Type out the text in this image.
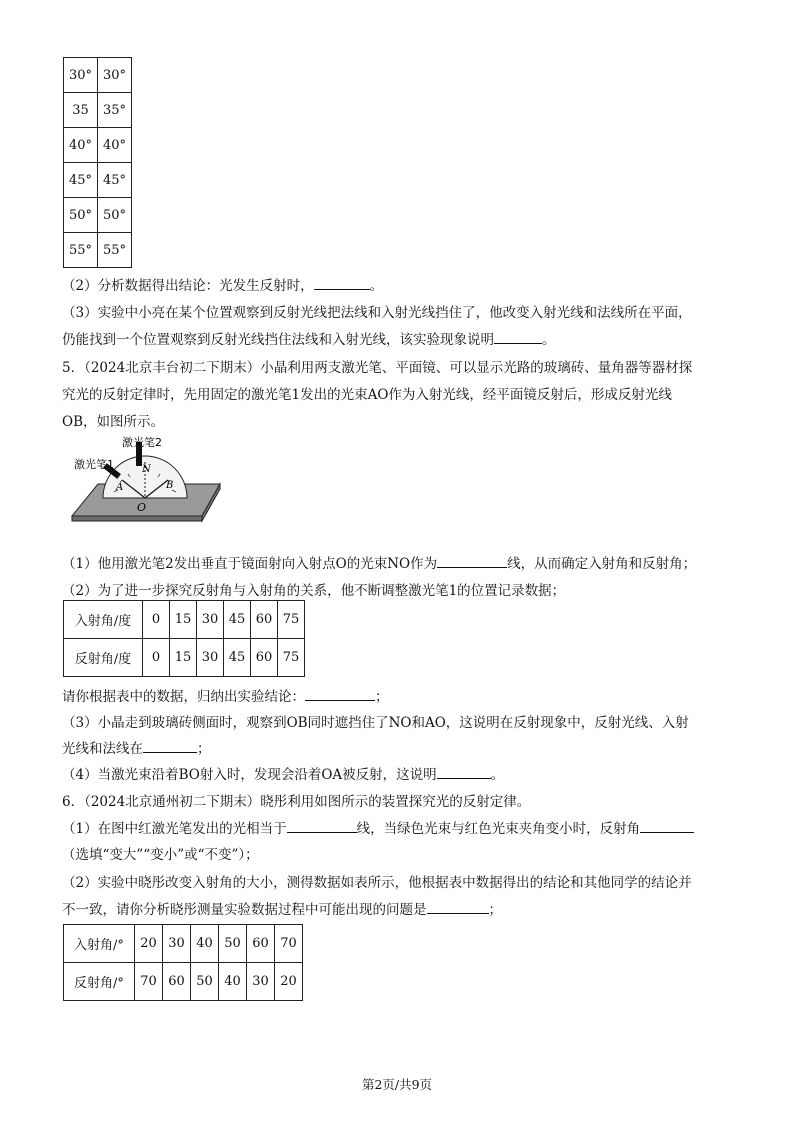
30°	30°
35	35°
40°	40°
45°	45°
50°	50°
55°	55°
（2）分析数据得出结论：光发生反射时，	。
（3）实验中小亮在某个位置观察到反射光线把法线和入射光线挡住了，他改变入射光线和法线所在平面，
仍能找到一个位置观察到反射光线挡住法线和入射光线，该实验现象说明	。
5．（2024北京丰台初二下期末）小晶利用两支激光笔、平面镜、可以显示光路的玻璃砖、量角器等器材探
究光的反射定律时，先用固定的激光笔1发出的光束AO作为入射光线，经平面镜反射后，形成反射光线
OB，如图所示。
激光笔2
激光笔1	N
A	B
O
（1）他用激光笔2发出垂直于镜面射向入射点O的光束NO作为	线，从而确定入射角和反射角；
（2）为了进一步探究反射角与入射角的关系，他不断调整激光笔1的位置记录数据；
入射角/度	0	15	30	45	60	75
反射角/度	0	15	30	45	60	75
请你根据表中的数据，归纳出实验结论：	；
（3）小晶走到玻璃砖侧面时，观察到OB同时遮挡住了NO和AO，这说明在反射现象中，反射光线、入射
光线和法线在	；
（4）当激光束沿着BO射入时，发现会沿着OA被反射，这说明	。
6．（2024北京通州初二下期末）晓彤利用如图所示的装置探究光的反射定律。
（1）在图中红激光笔发出的光相当于	线，当绿色光束与红色光束夹角变小时，反射角
（选填“变大”“变小”或“不变”）；
（2）实验中晓彤改变入射角的大小，测得数据如表所示，他根据表中数据得出的结论和其他同学的结论并
不一致，请你分析晓彤测量实验数据过程中可能出现的问题是	；
入射角/°	20	30	40	50	60	70
反射角/°	70	60	50	40	30	20
第2页/共9页
